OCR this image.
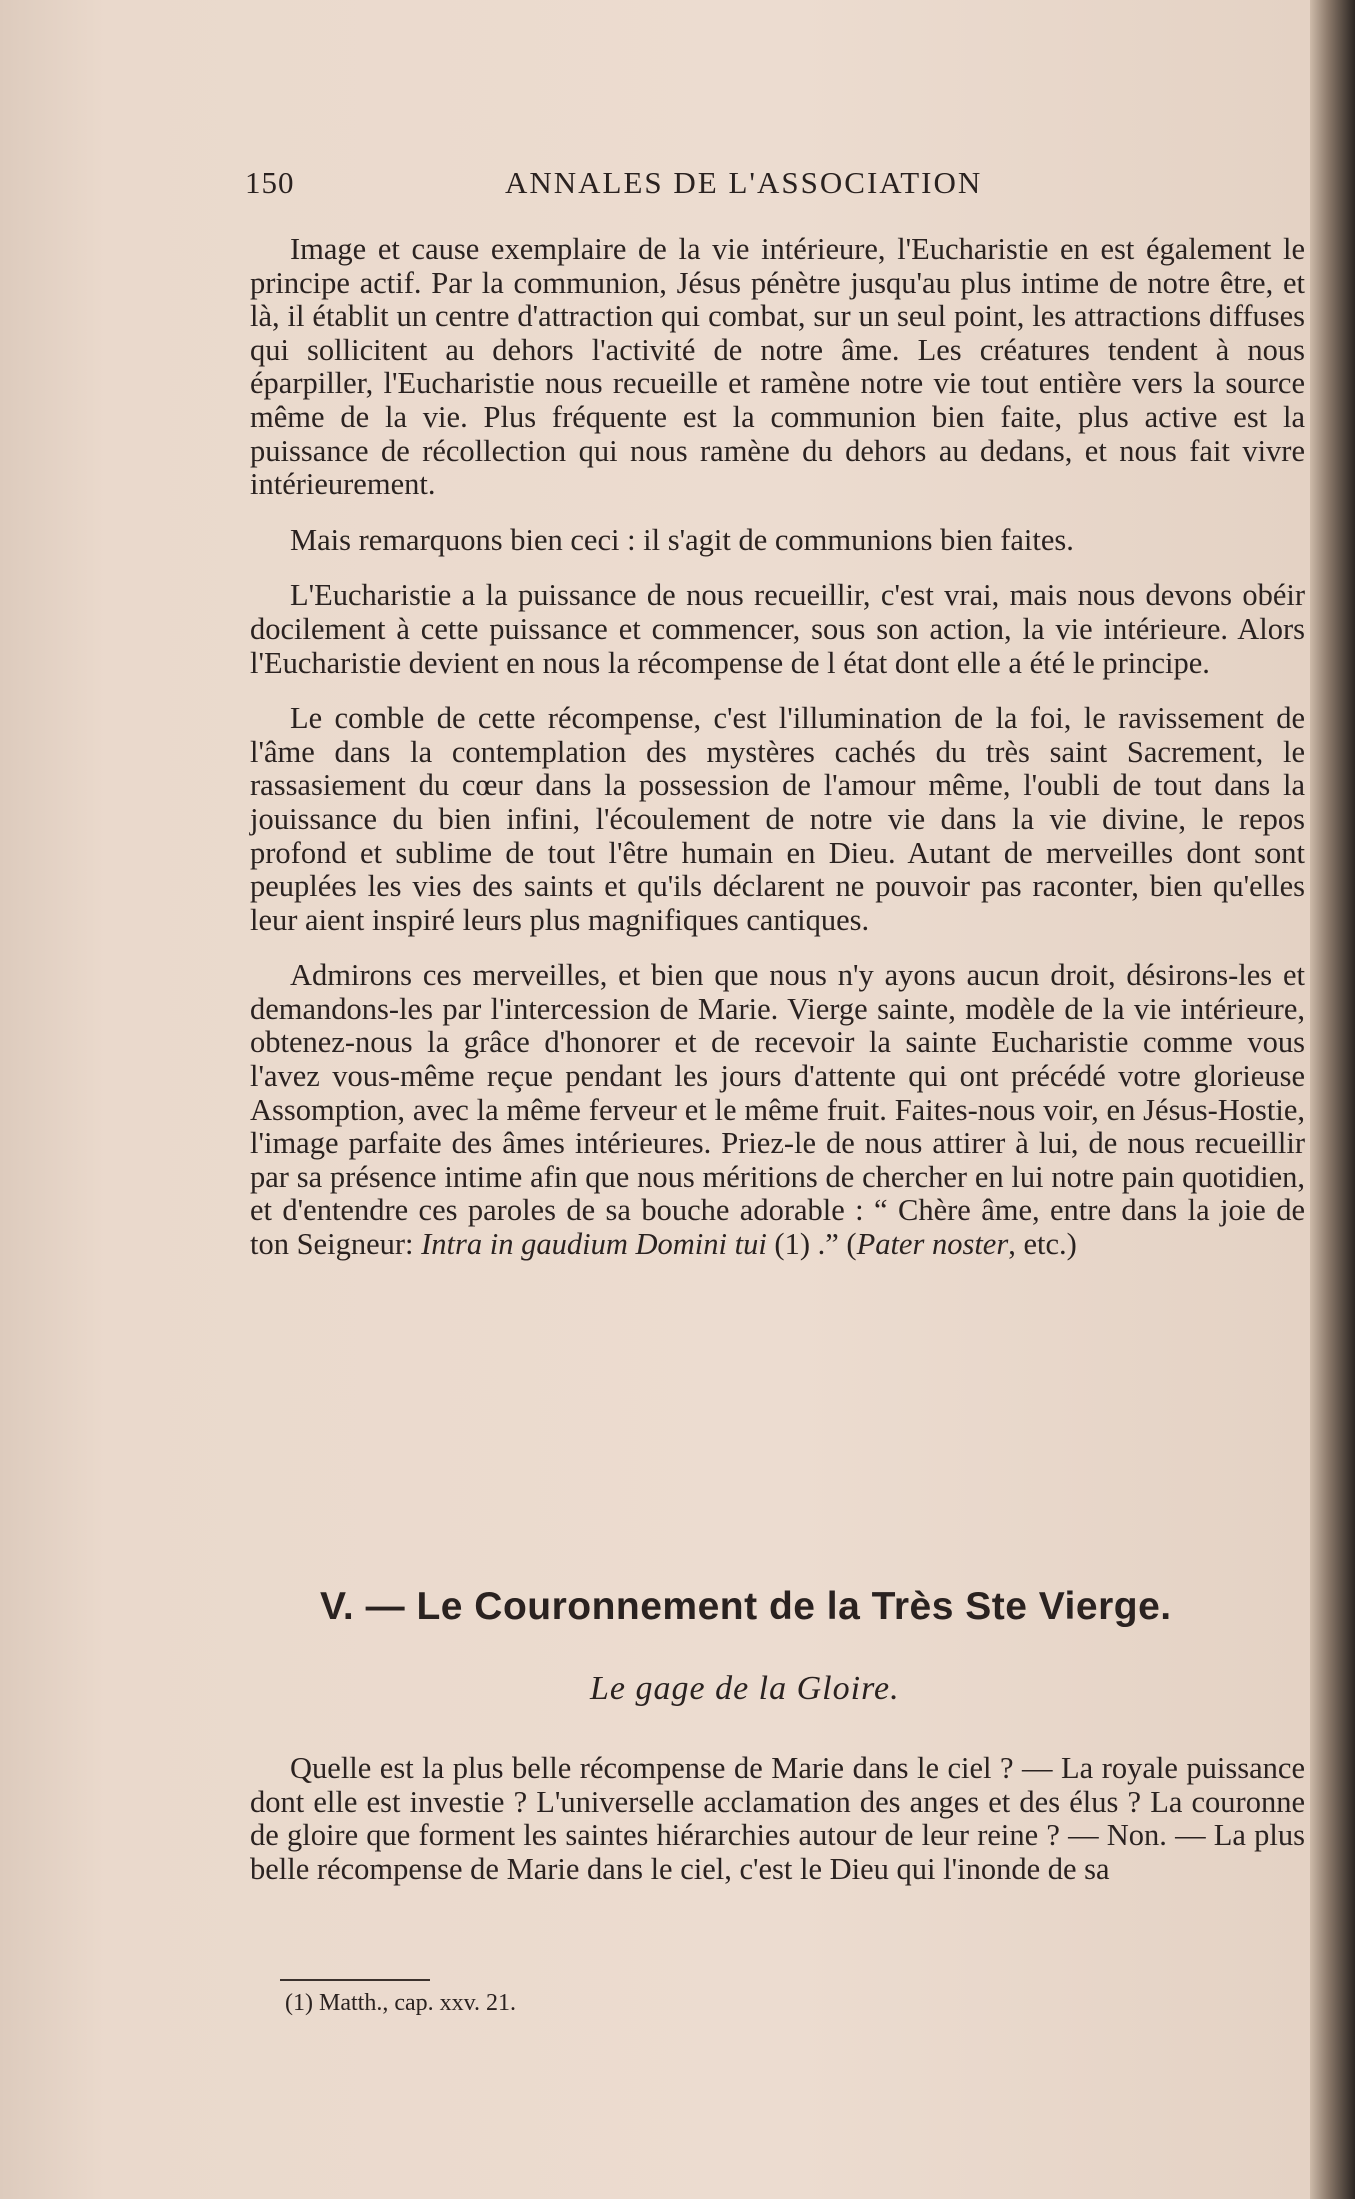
150	ANNALES DE L'ASSOCIATION

Image et cause exemplaire de la vie intérieure, l'Eucharistie en est également le principe actif. Par la communion, Jésus pénètre jusqu'au plus intime de notre être, et là, il établit un centre d'attraction qui combat, sur un seul point, les attractions diffuses qui sollicitent au dehors l'activité de notre âme. Les créatures tendent à nous éparpiller, l'Eucharistie nous recueille et ramène notre vie tout entière vers la source même de la vie. Plus fréquente est la communion bien faite, plus active est la puissance de récollection qui nous ramène du dehors au dedans, et nous fait vivre intérieurement.

Mais remarquons bien ceci : il s'agit de communions bien faites.

L'Eucharistie a la puissance de nous recueillir, c'est vrai, mais nous devons obéir docilement à cette puissance et commencer, sous son action, la vie intérieure. Alors l'Eucharistie devient en nous la récompense de l état dont elle a été le principe.

Le comble de cette récompense, c'est l'illumination de la foi, le ravissement de l'âme dans la contemplation des mystères cachés du très saint Sacrement, le rassasiement du cœur dans la possession de l'amour même, l'oubli de tout dans la jouissance du bien infini, l'écoulement de notre vie dans la vie divine, le repos profond et sublime de tout l'être humain en Dieu. Autant de merveilles dont sont peuplées les vies des saints et qu'ils déclarent ne pouvoir pas raconter, bien qu'elles leur aient inspiré leurs plus magnifiques cantiques.

Admirons ces merveilles, et bien que nous n'y ayons aucun droit, désirons-les et demandons-les par l'intercession de Marie. Vierge sainte, modèle de la vie intérieure, obtenez-nous la grâce d'honorer et de recevoir la sainte Eucharistie comme vous l'avez vous-même reçue pendant les jours d'attente qui ont précédé votre glorieuse Assomption, avec la même ferveur et le même fruit. Faites-nous voir, en Jésus-Hostie, l'image parfaite des âmes intérieures. Priez-le de nous attirer à lui, de nous recueillir par sa présence intime afin que nous méritions de chercher en lui notre pain quotidien, et d'entendre ces paroles de sa bouche adorable : “ Chère âme, entre dans la joie de ton Seigneur: Intra in gaudium Domini tui (1) .” (Pater noster, etc.)

V. — Le Couronnement de la Très Ste Vierge.
Le gage de la Gloire.

Quelle est la plus belle récompense de Marie dans le ciel ? — La royale puissance dont elle est investie ? L'universelle acclamation des anges et des élus ? La couronne de gloire que forment les saintes hiérarchies autour de leur reine ? — Non. — La plus belle récompense de Marie dans le ciel, c'est le Dieu qui l'inonde de sa

(1) Matth., cap. xxv. 21.
